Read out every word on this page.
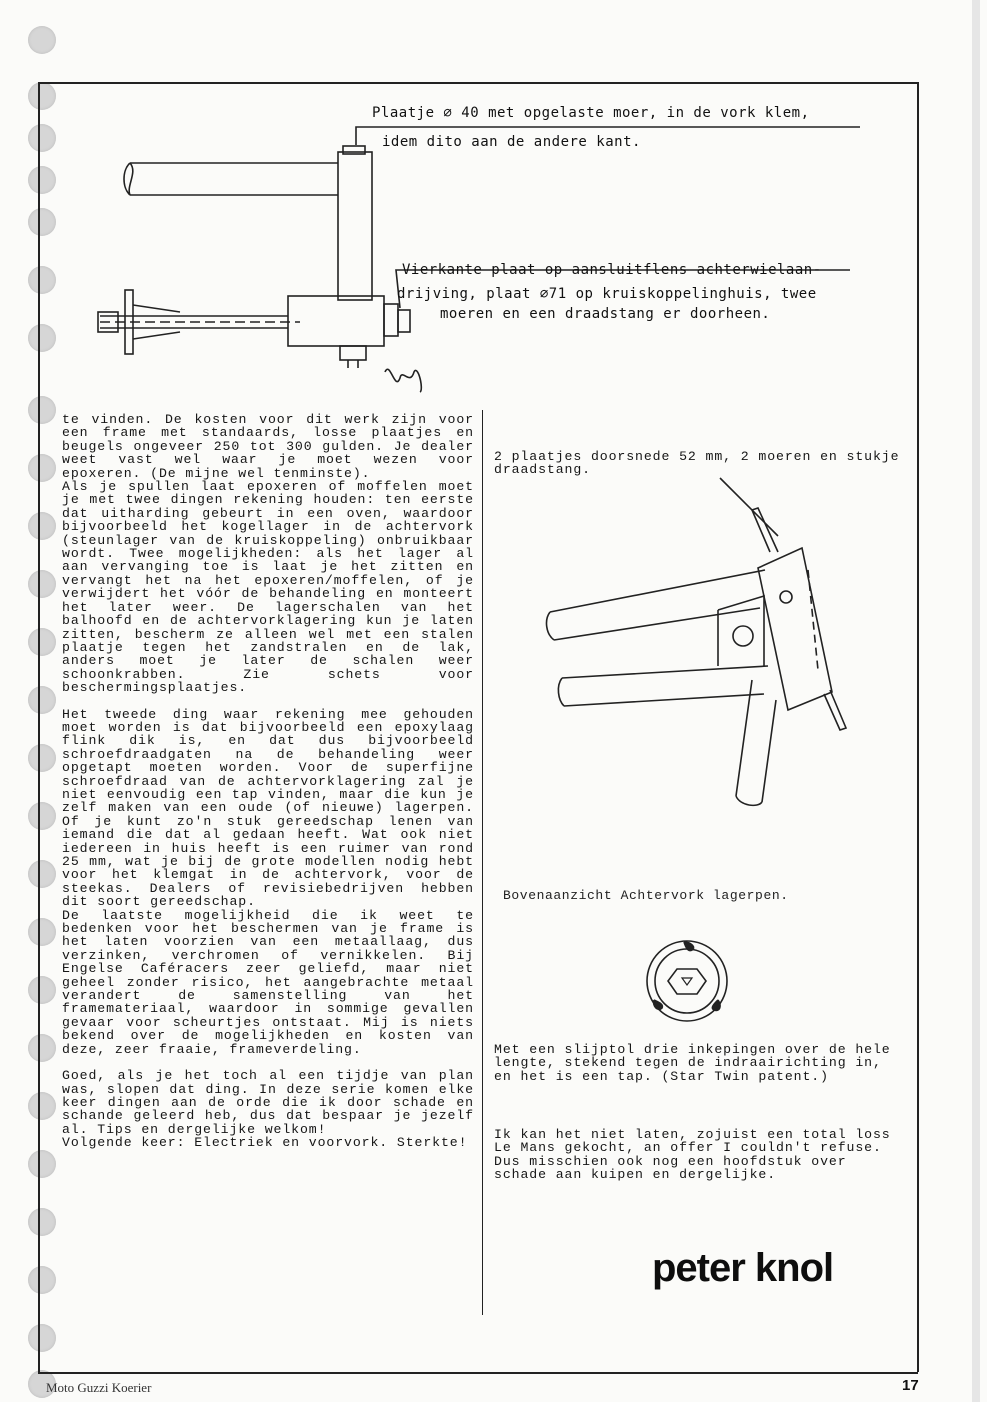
Plaatje ∅ 40 met opgelaste moer, in de vork klem,
idem dito aan de andere kant.
Vierkante plaat op aansluitflens achterwielaan-
drijving, plaat ∅71 op kruiskoppelinghuis, twee
moeren en een draadstang er doorheen.

te vinden. De kosten voor dit werk zijn voor een frame met standaards, losse plaatjes en beugels ongeveer 250 tot 300 gulden. Je dealer weet vast wel waar je moet wezen voor epoxeren. (De mijne wel tenminste).

Als je spullen laat epoxeren of moffelen moet je met twee dingen rekening houden: ten eerste dat uitharding gebeurt in een oven, waardoor bijvoorbeeld het kogellager in de achtervork (steunlager van de kruiskoppeling) onbruikbaar wordt. Twee mogelijkheden: als het lager al aan vervanging toe is laat je het zitten en vervangt het na het epoxeren/moffelen, of je verwijdert het vóór de behandeling en monteert het later weer. De lagerschalen van het balhoofd en de achtervorklagering kun je laten zitten, bescherm ze alleen wel met een stalen plaatje tegen het zandstralen en de lak, anders moet je later de schalen weer schoonkrabben. Zie schets voor beschermingsplaatjes.

Het tweede ding waar rekening mee gehouden moet worden is dat bijvoorbeeld een epoxylaag flink dik is, en dat dus bijvoorbeeld schroefdraadgaten na de behandeling weer opgetapt moeten worden. Voor de superfijne schroefdraad van de achtervorklagering zal je niet eenvoudig een tap vinden, maar die kun je zelf maken van een oude (of nieuwe) lagerpen. Of je kunt zo'n stuk gereedschap lenen van iemand die dat al gedaan heeft. Wat ook niet iedereen in huis heeft is een ruimer van rond 25 mm, wat je bij de grote modellen nodig hebt voor het klemgat in de achtervork, voor de steekas. Dealers of revisiebedrijven hebben dit soort gereedschap.

De laatste mogelijkheid die ik weet te bedenken voor het beschermen van je frame is het laten voorzien van een metaallaag, dus verzinken, verchromen of vernikkelen. Bij Engelse Caféracers zeer geliefd, maar niet geheel zonder risico, het aangebrachte metaal verandert de samenstelling van het framemateriaal, waardoor in sommige gevallen gevaar voor scheurtjes ontstaat. Mij is niets bekend over de mogelijkheden en kosten van deze, zeer fraaie, frameverdeling.

Goed, als je het toch al een tijdje van plan was, slopen dat ding. In deze serie komen elke keer dingen aan de orde die ik door schade en schande geleerd heb, dus dat bespaar je jezelf al. Tips en dergelijke welkom!

Volgende keer: Electriek en voorvork. Sterkte!

2 plaatjes doorsnede 52 mm, 2 moeren en stukje draadstang.
Bovenaanzicht Achtervork lagerpen.
Met een slijptol drie inkepingen over de hele lengte, stekend tegen de indraairichting in, en het is een tap. (Star Twin patent.)
Ik kan het niet laten, zojuist een total loss Le Mans gekocht, an offer I couldn't refuse. Dus misschien ook nog een hoofdstuk over schade aan kuipen en dergelijke.
peter knol
Moto Guzzi Koerier	17
